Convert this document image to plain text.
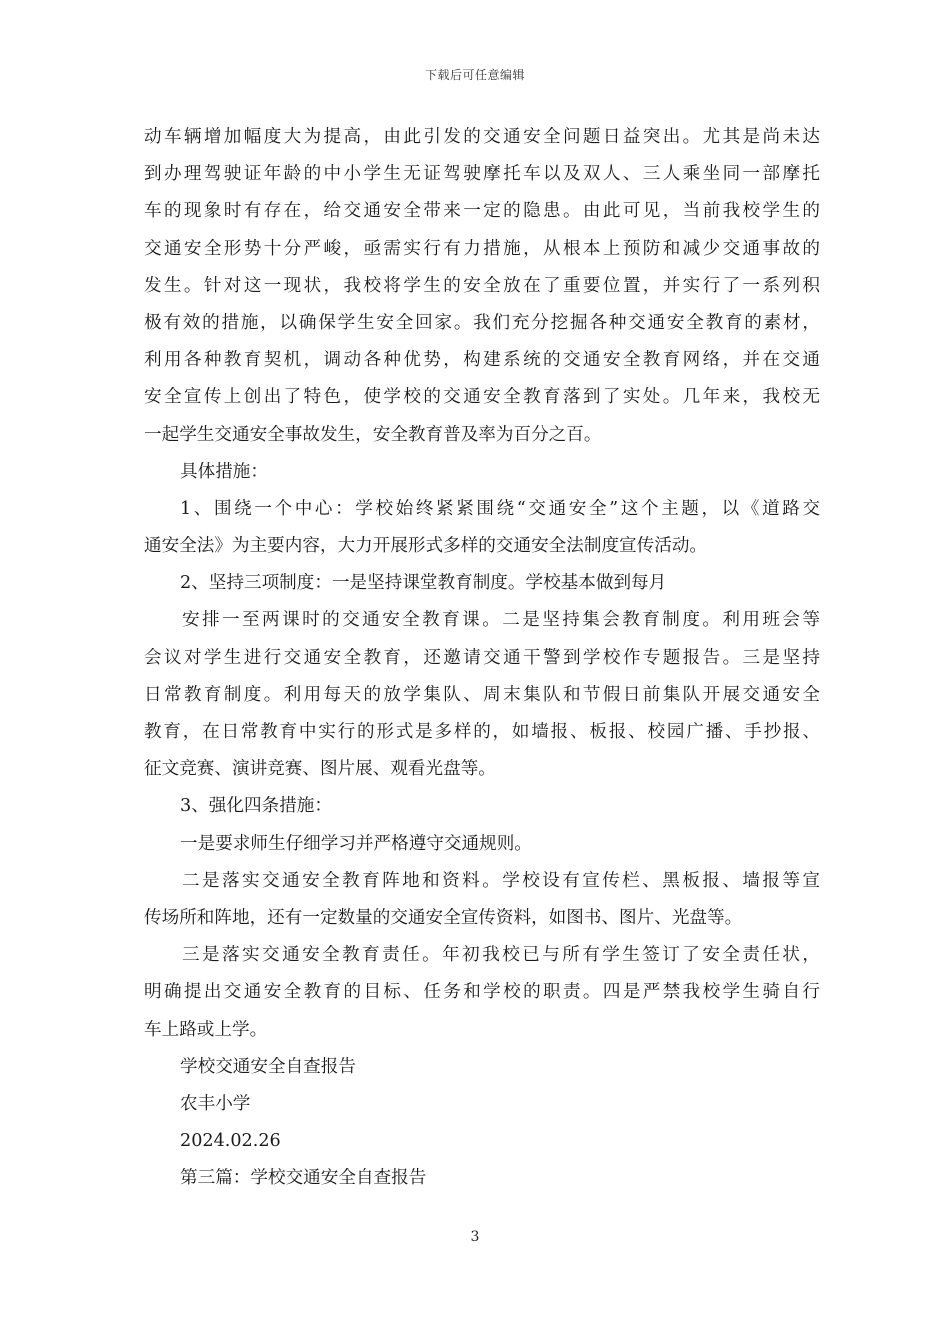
下载后可任意编辑
动车辆增加幅度大为提高，由此引发的交通安全问题日益突出。尤其是尚未达
到办理驾驶证年龄的中小学生无证驾驶摩托车以及双人、三人乘坐同一部摩托
车的现象时有存在，给交通安全带来一定的隐患。由此可见，当前我校学生的
交通安全形势十分严峻，亟需实行有力措施，从根本上预防和减少交通事故的
发生。针对这一现状，我校将学生的安全放在了重要位置，并实行了一系列积
极有效的措施，以确保学生安全回家。我们充分挖掘各种交通安全教育的素材，
利用各种教育契机，调动各种优势，构建系统的交通安全教育网络，并在交通
安全宣传上创出了特色，使学校的交通安全教育落到了实处。几年来，我校无
一起学生交通安全事故发生，安全教育普及率为百分之百。
具体措施：
1、围绕一个中心：学校始终紧紧围绕“交通安全”这个主题，以《道路交
通安全法》为主要内容，大力开展形式多样的交通安全法制度宣传活动。
2、坚持三项制度：一是坚持课堂教育制度。学校基本做到每月
安排一至两课时的交通安全教育课。二是坚持集会教育制度。利用班会等
会议对学生进行交通安全教育，还邀请交通干警到学校作专题报告。三是坚持
日常教育制度。利用每天的放学集队、周末集队和节假日前集队开展交通安全
教育，在日常教育中实行的形式是多样的，如墙报、板报、校园广播、手抄报、
征文竞赛、演讲竞赛、图片展、观看光盘等。
3、强化四条措施：
一是要求师生仔细学习并严格遵守交通规则。
二是落实交通安全教育阵地和资料。学校设有宣传栏、黑板报、墙报等宣
传场所和阵地，还有一定数量的交通安全宣传资料，如图书、图片、光盘等。
三是落实交通安全教育责任。年初我校已与所有学生签订了安全责任状，
明确提出交通安全教育的目标、任务和学校的职责。四是严禁我校学生骑自行
车上路或上学。
学校交通安全自查报告
农丰小学
2024.02.26
第三篇：学校交通安全自查报告
3
